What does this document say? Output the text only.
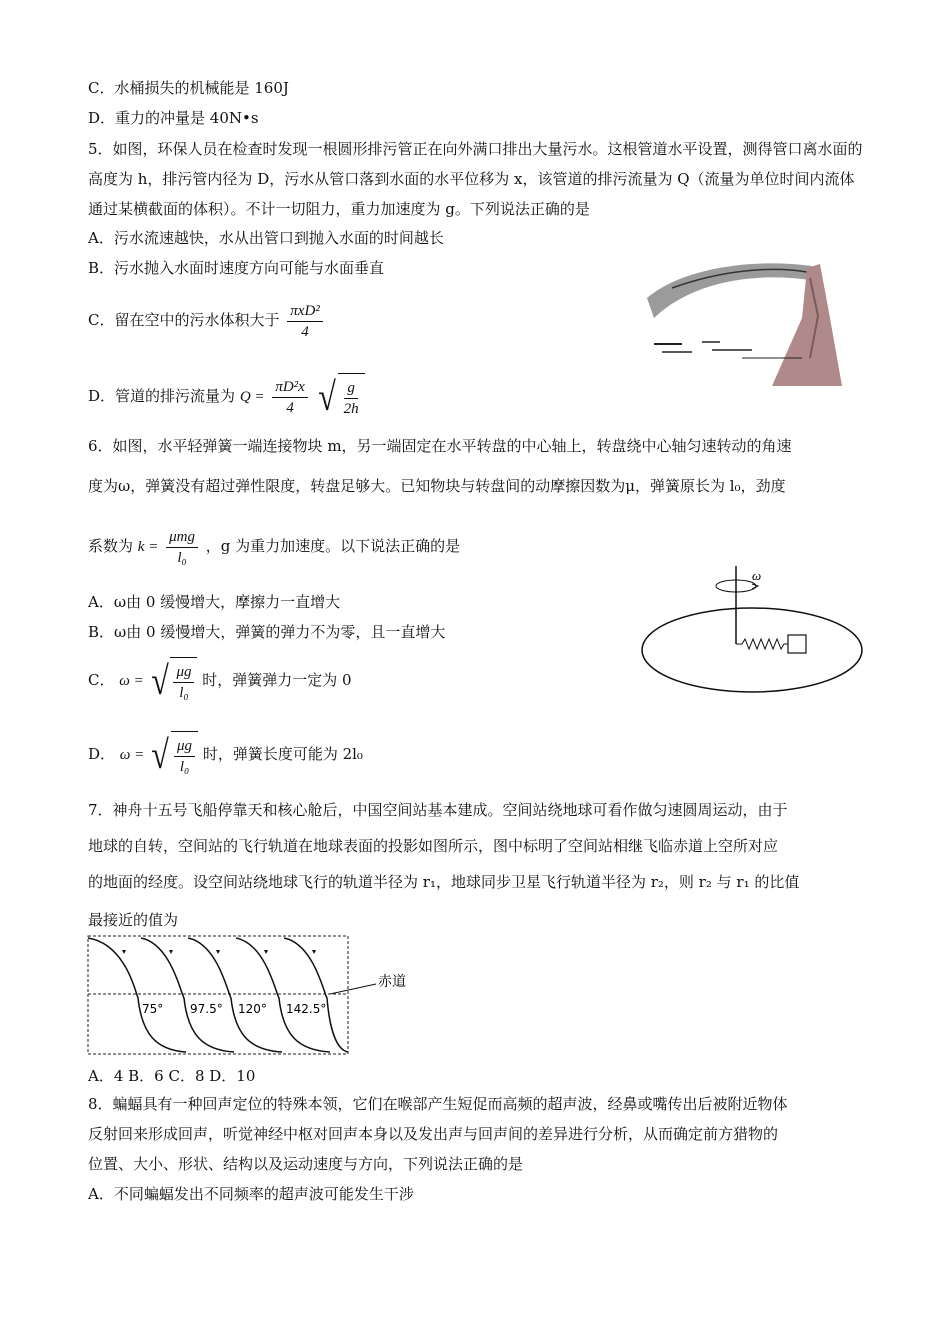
C．水桶损失的机械能是 160J
D．重力的冲量是 40N•s
5．如图，环保人员在检查时发现一根圆形排污管正在向外满口排出大量污水。这根管道水平设置，测得管口离水面的高度为 h，排污管内径为 D，污水从管口落到水面的水平位移为 x，该管道的排污流量为 Q（流量为单位时间内流体通过某横截面的体积）。不计一切阻力，重力加速度为 g。下列说法正确的是
A．污水流速越快，水从出管口到抛入水面的时间越长
B．污水抛入水面时速度方向可能与水面垂直
C．留在空中的污水体积大于 $\frac{\text{πxD²}}{4}$
D．管道的排污流量为 $Q = \frac{\text{πD²x}}{4}$
√ $\frac{g}{2h}$
6．如图，水平轻弹簧一端连接物块 m，另一端固定在水平转盘的中心轴上，转盘绕中心轴匀速转动的角速
度为ω，弹簧没有超过弹性限度，转盘足够大。已知物块与转盘间的动摩擦因数为μ，弹簧原长为 l₀，劲度
系数为 $k = \frac{\text{μmg}}{\text{l₀}}$ ，g 为重力加速度。以下说法正确的是
A．ω由 0 缓慢增大，摩擦力一直增大
B．ω由 0 缓慢增大，弹簧的弹力不为零，且一直增大
C． ω = √ $\frac{\mu g}{\text{l₀}}$ 时，弹簧弹力一定为 0
D． ω = √ $\frac{\mu g}{\text{l₀}}$ 时，弹簧长度可能为 2l₀
ω
7．神舟十五号飞船停靠天和核心舱后，中国空间站基本建成。空间站绕地球可看作做匀速圆周运动，由于
地球的自转，空间站的飞行轨道在地球表面的投影如图所示，图中标明了空间站相继飞临赤道上空所对应
的地面的经度。设空间站绕地球飞行的轨道半径为 r₁，地球同步卫星飞行轨道半径为 r₂，则 r₂ 与 r₁ 的比值
最接近的值为
75° 97.5° 120° 142.5°
赤道
A．4 B．6 C．8 D．10
8．蝙蝠具有一种回声定位的特殊本领，它们在喉部产生短促而高频的超声波，经鼻或嘴传出后被附近物体
反射回来形成回声，听觉神经中枢对回声本身以及发出声与回声间的差异进行分析，从而确定前方猎物的
位置、大小、形状、结构以及运动速度与方向，下列说法正确的是
A．不同蝙蝠发出不同频率的超声波可能发生干涉
